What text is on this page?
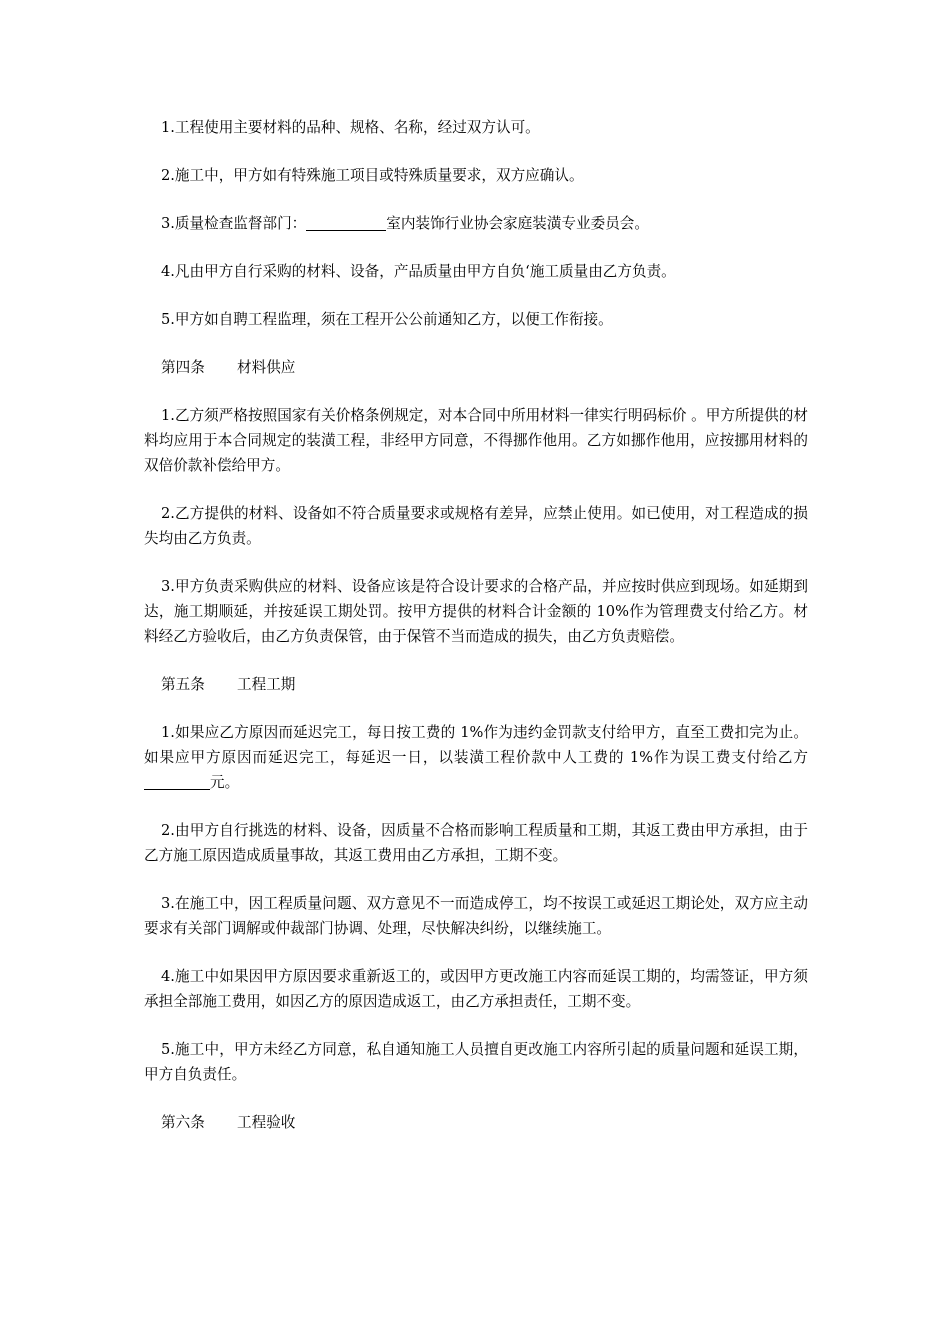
1.工程使用主要材料的品种、规格、名称，经过双方认可。

2.施工中，甲方如有特殊施工项目或特殊质量要求，双方应确认。

3.质量检查监督部门：	室内装饰行业协会家庭装潢专业委员会。

4.凡由甲方自行采购的材料、设备，产品质量由甲方自负‘施工质量由乙方负责。

5.甲方如自聘工程监理，须在工程开公公前通知乙方，以便工作衔接。

第四条 材料供应

1.乙方须严格按照国家有关价格条例规定，对本合同中所用材料一律实行明码标价 。甲方所提供的材料均应用于本合同规定的装潢工程，非经甲方同意，不得挪作他用。乙方如挪作他用，应按挪用材料的双倍价款补偿给甲方。

2.乙方提供的材料、设备如不符合质量要求或规格有差异，应禁止使用。如已使用，对工程造成的损失均由乙方负责。

3.甲方负责采购供应的材料、设备应该是符合设计要求的合格产品，并应按时供应到现场。如延期到达，施工期顺延，并按延误工期处罚。按甲方提供的材料合计金额的 10%作为管理费支付给乙方。材料经乙方验收后，由乙方负责保管，由于保管不当而造成的损失，由乙方负责赔偿。

第五条 工程工期

1.如果应乙方原因而延迟完工，每日按工费的 1%作为违约金罚款支付给甲方，直至工费扣完为止。如果应甲方原因而延迟完工，每延迟一日，以装潢工程价款中人工费的 1%作为误工费支付给乙方元。

2.由甲方自行挑选的材料、设备，因质量不合格而影响工程质量和工期，其返工费由甲方承担，由于乙方施工原因造成质量事故，其返工费用由乙方承担，工期不变。

3.在施工中，因工程质量问题、双方意见不一而造成停工，均不按误工或延迟工期论处，双方应主动要求有关部门调解或仲裁部门协调、处理，尽快解决纠纷，以继续施工。

4.施工中如果因甲方原因要求重新返工的，或因甲方更改施工内容而延误工期的，均需签证，甲方须承担全部施工费用，如因乙方的原因造成返工，由乙方承担责任，工期不变。

5.施工中，甲方未经乙方同意，私自通知施工人员擅自更改施工内容所引起的质量问题和延误工期，甲方自负责任。

第六条 工程验收
